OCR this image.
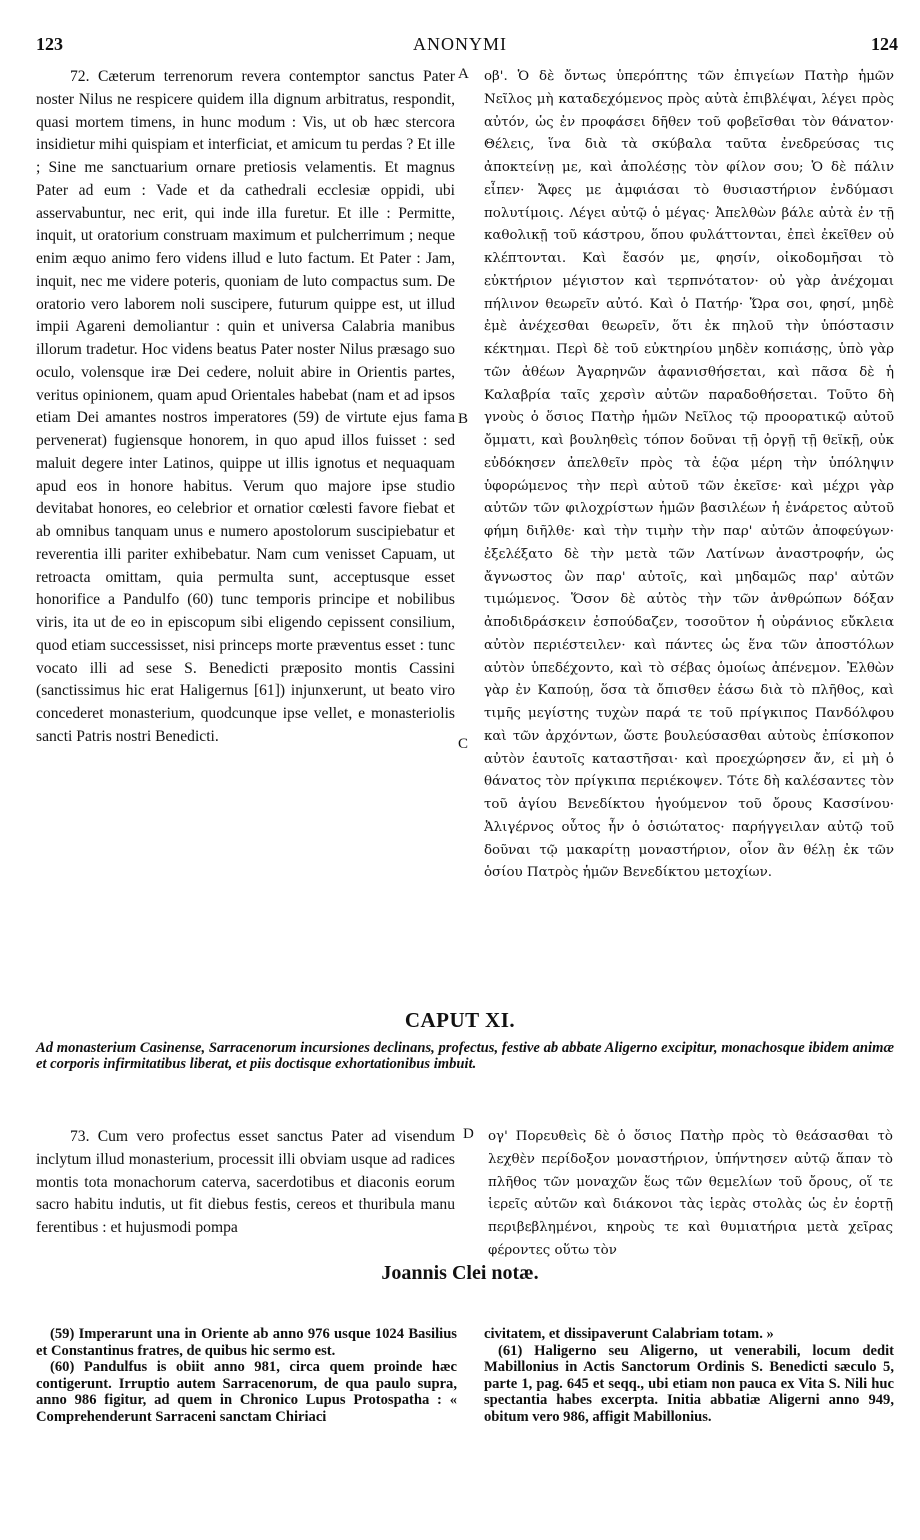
123	ANONYMI	124

72. Cæterum terrenorum revera contemptor sanctus Pater noster Nilus ne respicere quidem illa dignum arbitratus, respondit, quasi mortem timens, in hunc modum : Vis, ut ob hæc stercora insidietur mihi quispiam et interficiat, et amicum tu perdas ? Et ille ; Sine me sanctuarium ornare pretiosis velamentis. Et magnus Pater ad eum : Vade et da cathedrali ecclesiæ oppidi, ubi asservabuntur, nec erit, qui inde illa furetur. Et ille : Permitte, inquit, ut oratorium construam maximum et pulcherrimum ; neque enim æquo animo fero videns illud e luto factum. Et Pater : Jam, inquit, nec me videre poteris, quoniam de luto compactus sum. De oratorio vero laborem noli suscipere, futurum quippe est, ut illud impii Agareni demoliantur : quin et universa Calabria manibus illorum tradetur. Hoc videns beatus Pater noster Nilus præsago suo oculo, volensque iræ Dei cedere, noluit abire in Orientis partes, veritus opinionem, quam apud Orientales habebat (nam et ad ipsos etiam Dei amantes nostros imperatores (59) de virtute ejus fama pervenerat) fugiensque honorem, in quo apud illos fuisset : sed maluit degere inter Latinos, quippe ut illis ignotus et nequaquam apud eos in honore habitus. Verum quo majore ipse studio devitabat honores, eo celebrior et ornatior cœlesti favore fiebat et ab omnibus tanquam unus e numero apostolorum suscipiebatur et reverentia illi pariter exhibebatur. Nam cum venisset Capuam, ut retroacta omittam, quia permulta sunt, acceptusque esset honorifice a Pandulfo (60) tunc temporis principe et nobilibus viris, ita ut de eo in episcopum sibi eligendo cepissent consilium, quod etiam successisset, nisi princeps morte præventus esset : tunc vocato illi ad sese S. Benedicti præposito montis Cassini (sanctissimus hic erat Haligernus [61]) injunxerunt, ut beato viro concederet monasterium, quodcunque ipse vellet, e monasteriolis sancti Patris nostri Benedicti.

A
B
C

οβ'. Ὁ δὲ ὄντως ὑπερόπτης τῶν ἐπιγείων Πατὴρ ἡμῶν Νεῖλος μὴ καταδεχόμενος πρὸς αὐτὰ ἐπιβλέψαι, λέγει πρὸς αὐτόν, ὡς ἐν προφάσει δῆθεν τοῦ φοβεῖσθαι τὸν θάνατον· Θέλεις, ἵνα διὰ τὰ σκύβαλα ταῦτα ἐνεδρεύσας τις ἀποκτείνῃ με, καὶ ἀπολέσῃς τὸν φίλον σου; Ὁ δὲ πάλιν εἶπεν· Ἄφες με ἀμφιάσαι τὸ θυσιαστήριον ἐνδύμασι πολυτίμοις. Λέγει αὐτῷ ὁ μέγας· Ἀπελθὼν βάλε αὐτὰ ἐν τῇ καθολικῇ τοῦ κάστρου, ὅπου φυλάττονται, ἐπεὶ ἐκεῖθεν οὐ κλέπτονται. Καὶ ἔασόν με, φησίν, οἰκοδομῆσαι τὸ εὐκτήριον μέγιστον καὶ τερπνότατον· οὐ γὰρ ἀνέχομαι πήλινον θεωρεῖν αὐτό. Καὶ ὁ Πατήρ· Ὥρα σοι, φησί, μηδὲ ἐμὲ ἀνέχεσθαι θεωρεῖν, ὅτι ἐκ πηλοῦ τὴν ὑπόστασιν κέκτημαι. Περὶ δὲ τοῦ εὐκτηρίου μηδὲν κοπιάσῃς, ὑπὸ γὰρ τῶν ἀθέων Ἀγαρηνῶν ἀφανισθήσεται, καὶ πᾶσα δὲ ἡ Καλαβρία ταῖς χερσὶν αὐτῶν παραδοθήσεται. Τοῦτο δὴ γνοὺς ὁ ὅσιος Πατὴρ ἡμῶν Νεῖλος τῷ προορατικῷ αὐτοῦ ὄμματι, καὶ βουληθεὶς τόπον δοῦναι τῇ ὀργῇ τῇ θεϊκῇ, οὐκ εὐδόκησεν ἀπελθεῖν πρὸς τὰ ἑῷα μέρη τὴν ὑπόληψιν ὑφορώμενος τὴν περὶ αὐτοῦ τῶν ἐκεῖσε· καὶ μέχρι γὰρ αὐτῶν τῶν φιλοχρίστων ἡμῶν βασιλέων ἡ ἐνάρετος αὐτοῦ φήμη διῆλθε· καὶ τὴν τιμὴν τὴν παρ' αὐτῶν ἀποφεύγων· ἐξελέξατο δὲ τὴν μετὰ τῶν Λατίνων ἀναστροφήν, ὡς ἄγνωστος ὢν παρ' αὐτοῖς, καὶ μηδαμῶς παρ' αὐτῶν τιμώμενος. Ὅσον δὲ αὐτὸς τὴν τῶν ἀνθρώπων δόξαν ἀποδιδράσκειν ἐσπούδαζεν, τοσοῦτον ἡ οὐράνιος εὔκλεια αὐτὸν περιέστειλεν· καὶ πάντες ὡς ἕνα τῶν ἀποστόλων αὐτὸν ὑπεδέχοντο, καὶ τὸ σέβας ὁμοίως ἀπένεμον. Ἐλθὼν γὰρ ἐν Καπούῃ, ὅσα τὰ ὄπισθεν ἐάσω διὰ τὸ πλῆθος, καὶ τιμῆς μεγίστης τυχὼν παρά τε τοῦ πρίγκιπος Πανδόλφου καὶ τῶν ἀρχόντων, ὥστε βουλεύσασθαι αὐτοὺς ἐπίσκοπον αὐτὸν ἑαυτοῖς καταστῆσαι· καὶ προεχώρησεν ἄν, εἰ μὴ ὁ θάνατος τὸν πρίγκιπα περιέκοψεν. Τότε δὴ καλέσαντες τὸν τοῦ ἁγίου Βενεδίκτου ἡγούμενον τοῦ ὄρους Κασσίνου· Ἀλιγέρνος οὗτος ἦν ὁ ὁσιώτατος· παρήγγειλαν αὐτῷ τοῦ δοῦναι τῷ μακαρίτῃ μοναστήριον, οἷον ἂν θέλῃ ἐκ τῶν ὁσίου Πατρὸς ἡμῶν Βενεδίκτου μετοχίων.

CAPUT XI.
Ad monasterium Casinense, Sarracenorum incursiones declinans, profectus, festive ab abbate Aligerno excipitur, monachosque ibidem animæ et corporis infirmitatibus liberat, et piis doctisque exhortationibus imbuit.

73. Cum vero profectus esset sanctus Pater ad visendum inclytum illud monasterium, processit illi obviam usque ad radices montis tota monachorum caterva, sacerdotibus et diaconis eorum sacro habitu indutis, ut fit diebus festis, cereos et thuribula manu ferentibus : et hujusmodi pompa

D ογ' Πορευθεὶς δὲ ὁ ὅσιος Πατὴρ πρὸς τὸ θεάσασθαι τὸ λεχθὲν περίδοξον μοναστήριον, ὑπήντησεν αὐτῷ ἅπαν τὸ πλῆθος τῶν μοναχῶν ἕως τῶν θεμελίων τοῦ ὄρους, οἵ τε ἱερεῖς αὐτῶν καὶ διάκονοι τὰς ἱερὰς στολὰς ὡς ἐν ἑορτῇ περιβεβλημένοι, κηροὺς τε καὶ θυμιατήρια μετὰ χεῖρας φέροντες οὕτω τὸν

Joannis Clei notæ.

(59) Imperarunt una in Oriente ab anno 976 usque 1024 Basilius et Constantinus fratres, de quibus hic sermo est.

(60) Pandulfus is obiit anno 981, circa quem proinde hæc contigerunt. Irruptio autem Sarracenorum, de qua paulo supra, anno 986 figitur, ad quem in Chronico Lupus Protospatha : « Comprehenderunt Sarraceni sanctam Chiriaci

civitatem, et dissipaverunt Calabriam totam. »

(61) Haligerno seu Aligerno, ut venerabili, locum dedit Mabillonius in Actis Sanctorum Ordinis S. Benedicti sæculo 5, parte 1, pag. 645 et seqq., ubi etiam non pauca ex Vita S. Nili huc spectantia habes excerpta. Initia abbatiæ Aligerni anno 949, obitum vero 986, affigit Mabillonius.
